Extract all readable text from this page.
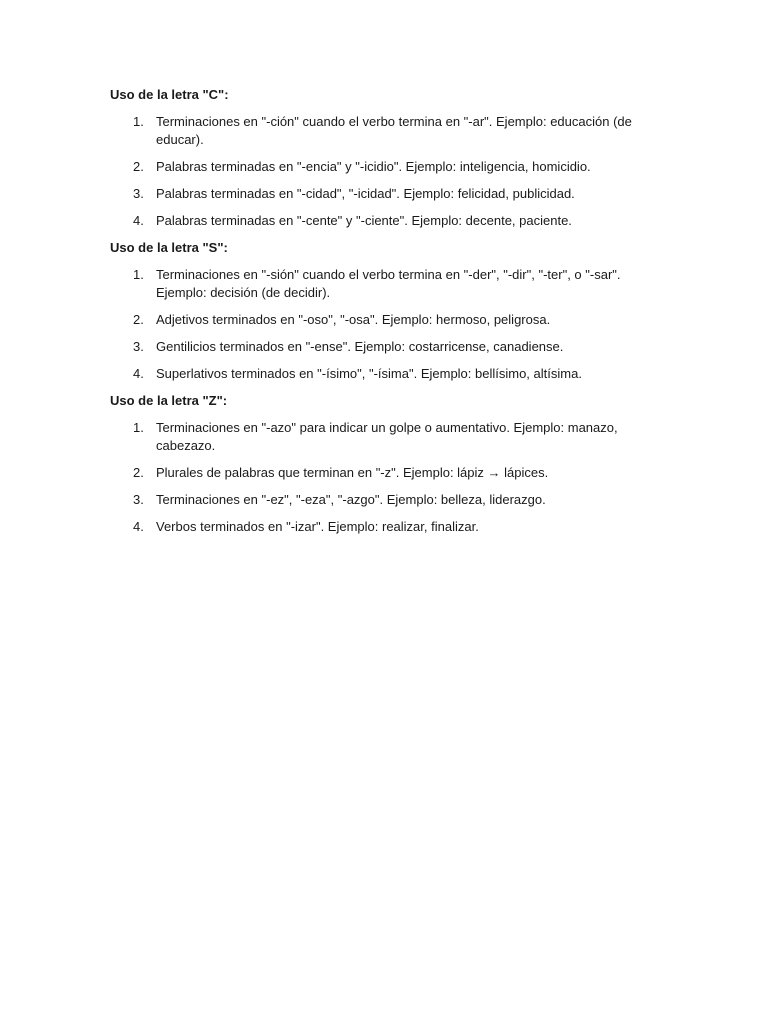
Uso de la letra "C":
1. Terminaciones en "-ción" cuando el verbo termina en "-ar". Ejemplo: educación (de educar).
2. Palabras terminadas en "-encia" y "-icidio". Ejemplo: inteligencia, homicidio.
3. Palabras terminadas en "-cidad", "-icidad". Ejemplo: felicidad, publicidad.
4. Palabras terminadas en "-cente" y "-ciente". Ejemplo: decente, paciente.
Uso de la letra "S":
1. Terminaciones en "-sión" cuando el verbo termina en "-der", "-dir", "-ter", o "-sar". Ejemplo: decisión (de decidir).
2. Adjetivos terminados en "-oso", "-osa". Ejemplo: hermoso, peligrosa.
3. Gentilicios terminados en "-ense". Ejemplo: costarricense, canadiense.
4. Superlativos terminados en "-ísimo", "-ísima". Ejemplo: bellísimo, altísima.
Uso de la letra "Z":
1. Terminaciones en "-azo" para indicar un golpe o aumentativo. Ejemplo: manazo, cabezazo.
2. Plurales de palabras que terminan en "-z". Ejemplo: lápiz → lápices.
3. Terminaciones en "-ez", "-eza", "-azgo". Ejemplo: belleza, liderazgo.
4. Verbos terminados en "-izar". Ejemplo: realizar, finalizar.
